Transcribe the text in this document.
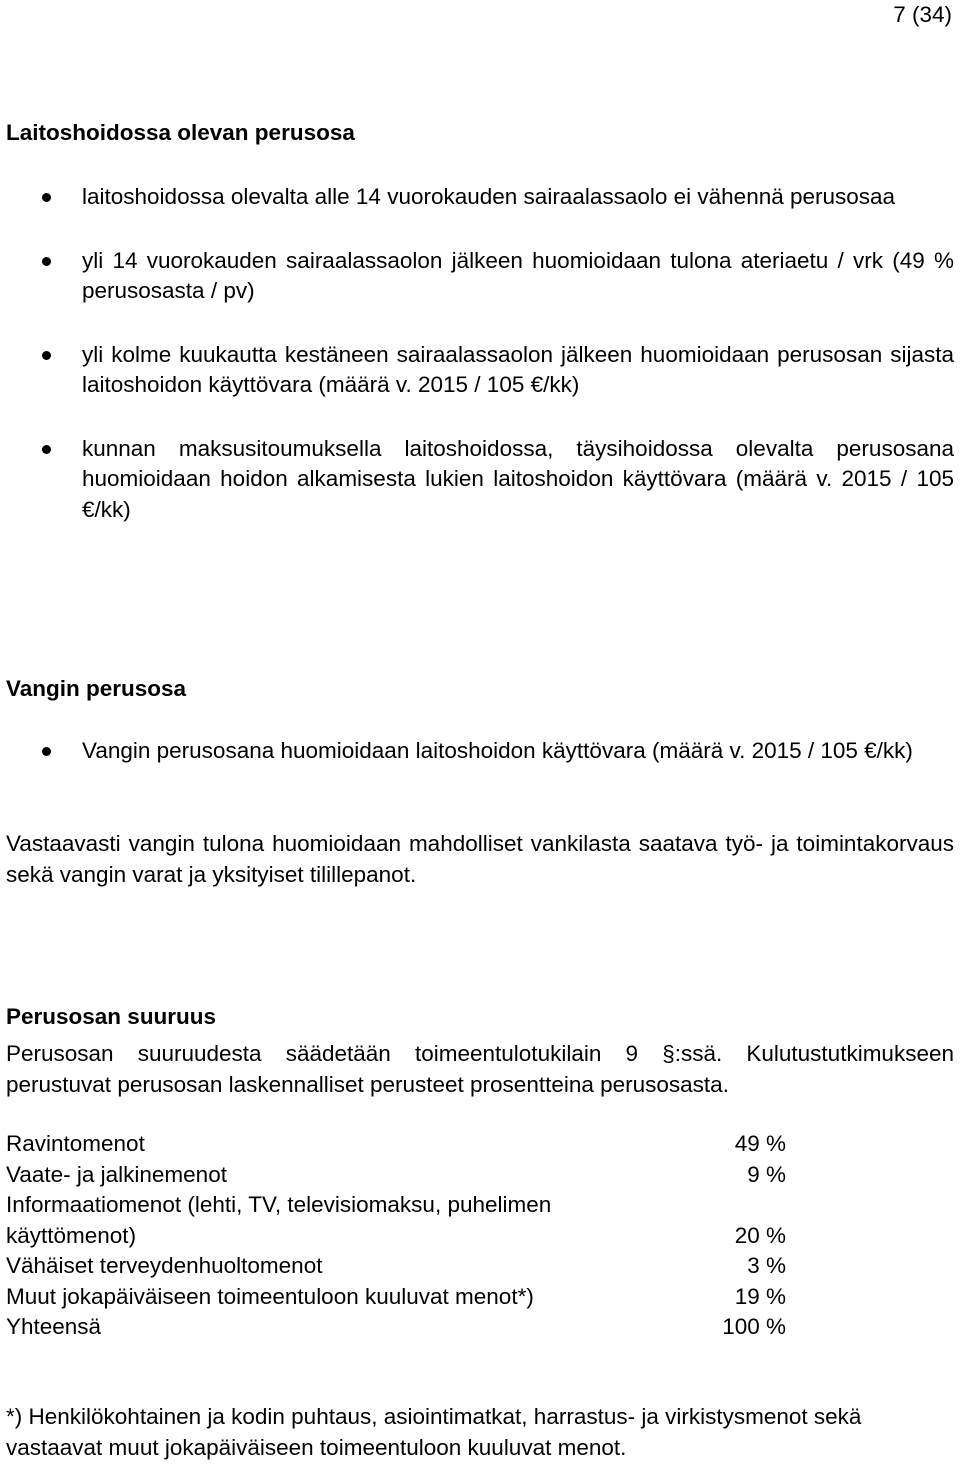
7 (34)
Laitoshoidossa olevan perusosa
laitoshoidossa olevalta alle 14 vuorokauden sairaalassaolo ei vähennä perusosaa
yli 14 vuorokauden sairaalassaolon jälkeen huomioidaan tulona ateriaetu / vrk (49 % perusosasta / pv)
yli kolme kuukautta kestäneen sairaalassaolon jälkeen huomioidaan perusosan sijasta laitoshoidon käyttövara (määrä v. 2015 / 105 €/kk)
kunnan maksusitoumuksella laitoshoidossa, täysihoidossa olevalta perusosana huomioidaan hoidon alkamisesta lukien laitoshoidon käyttövara (määrä v. 2015 / 105 €/kk)
Vangin perusosa
Vangin perusosana huomioidaan laitoshoidon käyttövara (määrä v. 2015 / 105 €/kk)

Vastaavasti vangin tulona huomioidaan mahdolliset vankilasta saatava työ- ja toimintakorvaus sekä vangin varat ja yksityiset tilillepanot.

Perusosan suuruus

Perusosan suuruudesta säädetään toimeentulotukilain 9 §:ssä. Kulutustutkimukseen perustuvat perusosan laskennalliset perusteet prosentteina perusosasta.

Ravintomenot	49 %
Vaate- ja jalkinemenot	9 %
Informaatiomenot (lehti, TV, televisiomaksu, puhelimen käyttömenot)	20 %
Vähäiset terveydenhuoltomenot	3 %
Muut jokapäiväiseen toimeentuloon kuuluvat menot*)	19 %
Yhteensä	100 %

*) Henkilökohtainen ja kodin puhtaus, asiointimatkat, harrastus- ja virkistysmenot sekä vastaavat muut jokapäiväiseen toimeentuloon kuuluvat menot.
